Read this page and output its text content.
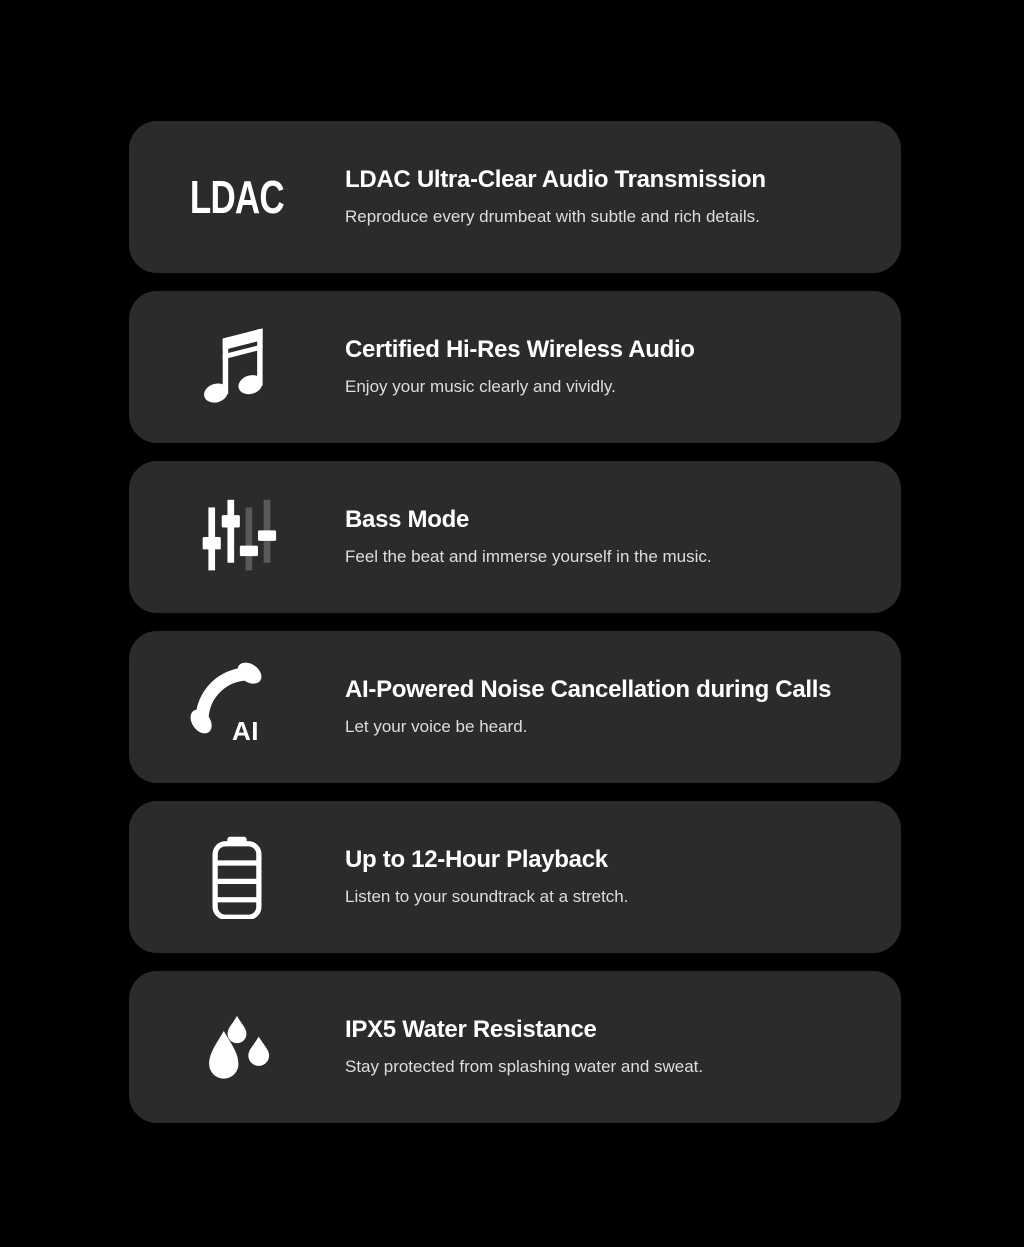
LDAC	LDAC Ultra-Clear Audio Transmission
Reproduce every drumbeat with subtle and rich details.
Certified Hi-Res Wireless Audio
Enjoy your music clearly and vividly.
Bass Mode
Feel the beat and immerse yourself in the music.
AI
AI-Powered Noise Cancellation during Calls
Let your voice be heard.
Up to 12-Hour Playback
Listen to your soundtrack at a stretch.
IPX5 Water Resistance
Stay protected from splashing water and sweat.
